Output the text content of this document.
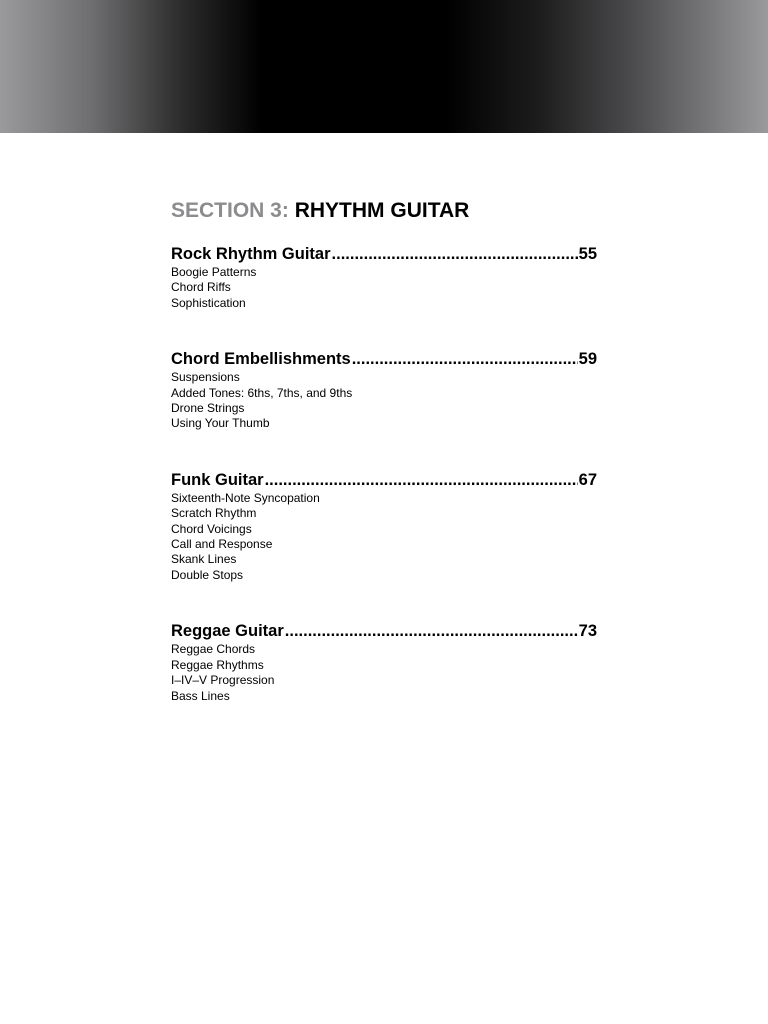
SECTION 3: RHYTHM GUITAR
Rock Rhythm Guitar .....	55
Boogie Patterns
Chord Riffs
Sophistication
Chord Embellishments .....	59
Suspensions
Added Tones: 6ths, 7ths, and 9ths
Drone Strings
Using Your Thumb
Funk Guitar .....	67
Sixteenth-Note Syncopation
Scratch Rhythm
Chord Voicings
Call and Response
Skank Lines
Double Stops
Reggae Guitar .....	73
Reggae Chords
Reggae Rhythms
I–IV–V Progression
Bass Lines
